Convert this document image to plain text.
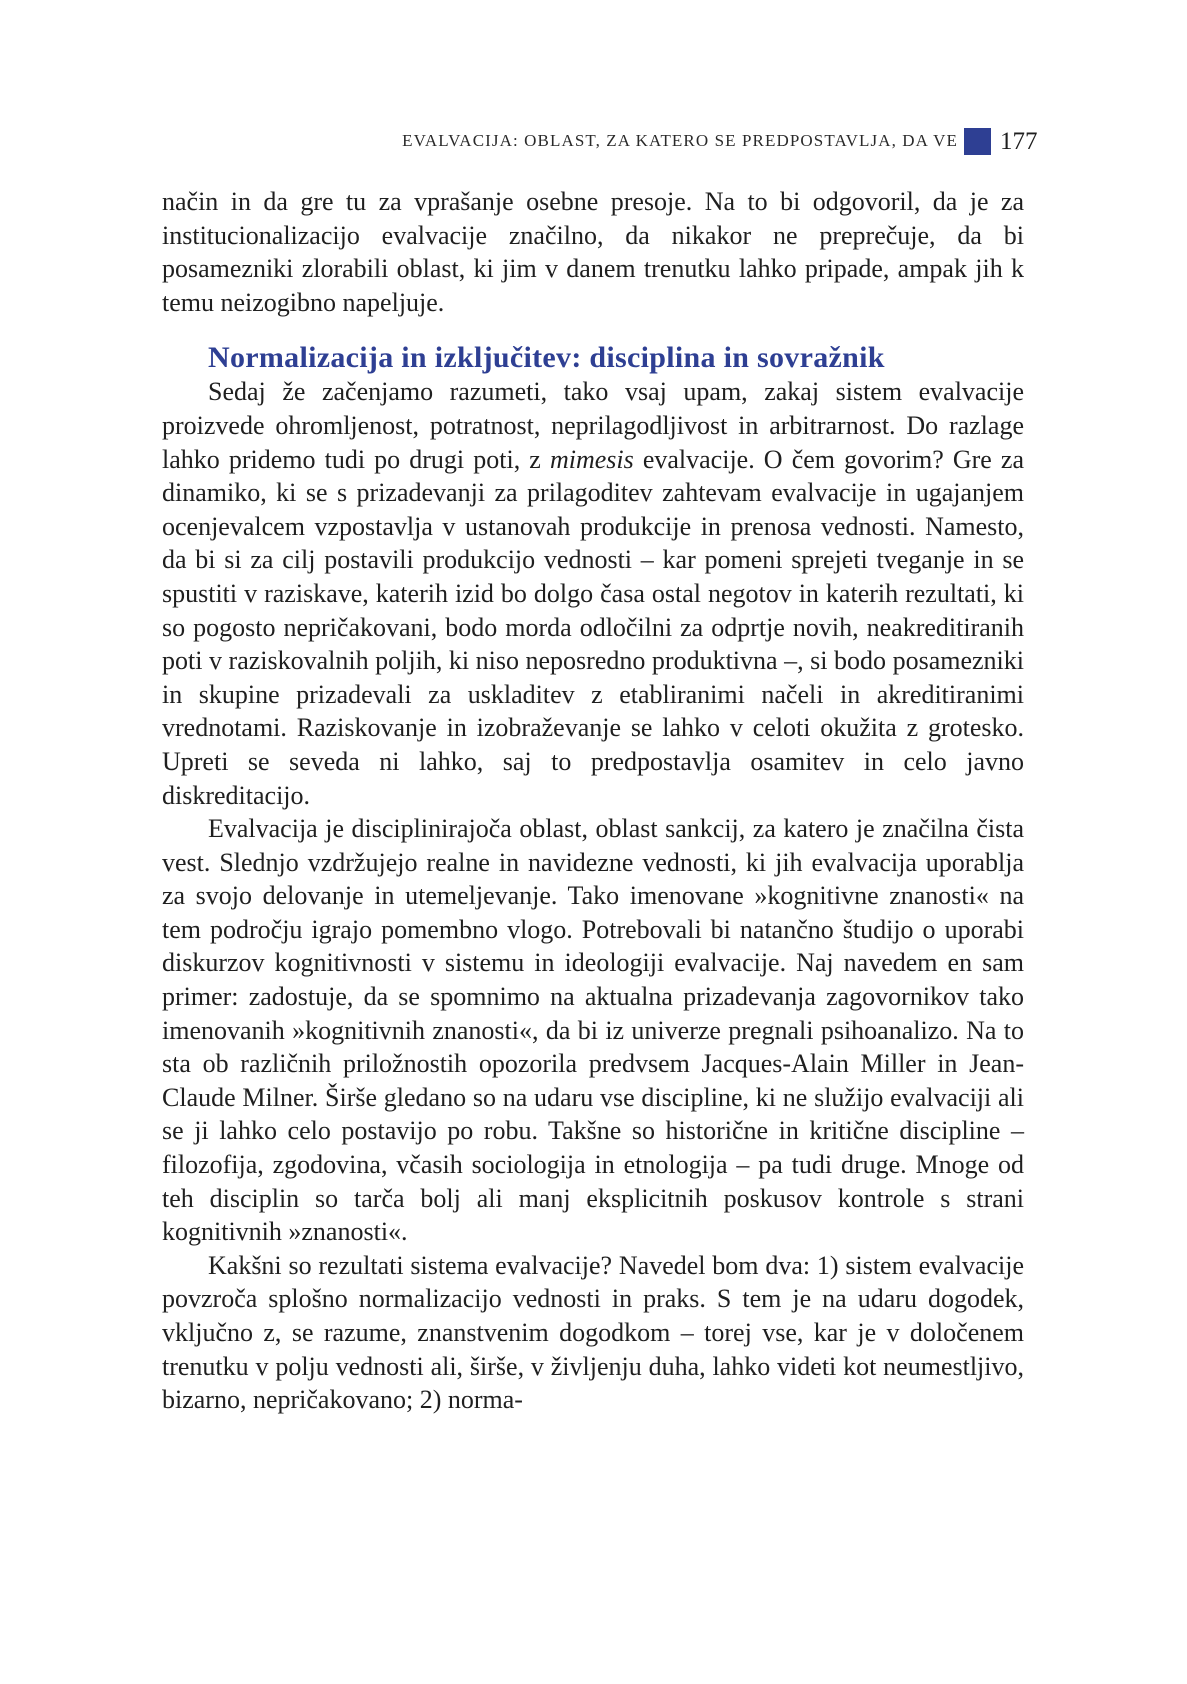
EVALVACIJA: OBLAST, ZA KATERO SE PREDPOSTAVLJA, DA VE 177

način in da gre tu za vprašanje osebne presoje. Na to bi odgovoril, da je za institucionalizacijo evalvacije značilno, da nikakor ne preprečuje, da bi posamezniki zlorabili oblast, ki jim v danem trenutku lahko pripade, ampak jih k temu neizogibno napeljuje.

Normalizacija in izključitev: disciplina in sovražnik

Sedaj že začenjamo razumeti, tako vsaj upam, zakaj sistem evalvacije proizvede ohromljenost, potratnost, neprilagodljivost in arbitrarnost. Do razlage lahko pridemo tudi po drugi poti, z mimesis evalvacije. O čem govorim? Gre za dinamiko, ki se s prizadevanji za prilagoditev zahtevam evalvacije in ugajanjem ocenjevalcem vzpostavlja v ustanovah produkcije in prenosa vednosti. Namesto, da bi si za cilj postavili produkcijo vednosti – kar pomeni sprejeti tveganje in se spustiti v raziskave, katerih izid bo dolgo časa ostal negotov in katerih rezultati, ki so pogosto nepričakovani, bodo morda odločilni za odprtje novih, neakreditiranih poti v raziskovalnih poljih, ki niso neposredno produktivna –, si bodo posamezniki in skupine prizadevali za uskladitev z etabliranimi načeli in akreditiranimi vrednotami. Raziskovanje in izobraževanje se lahko v celoti okužita z grotesko. Upreti se seveda ni lahko, saj to predpostavlja osamitev in celo javno diskreditacijo.

Evalvacija je disciplinirajoča oblast, oblast sankcij, za katero je značilna čista vest. Slednjo vzdržujejo realne in navidezne vednosti, ki jih evalvacija uporablja za svojo delovanje in utemeljevanje. Tako imenovane »kognitivne znanosti« na tem področju igrajo pomembno vlogo. Potrebovali bi natančno študijo o uporabi diskurzov kognitivnosti v sistemu in ideologiji evalvacije. Naj navedem en sam primer: zadostuje, da se spomnimo na aktualna prizadevanja zagovornikov tako imenovanih »kognitivnih znanosti«, da bi iz univerze pregnali psihoanalizo. Na to sta ob različnih priložnostih opozorila predvsem Jacques-Alain Miller in Jean-Claude Milner. Širše gledano so na udaru vse discipline, ki ne služijo evalvaciji ali se ji lahko celo postavijo po robu. Takšne so historične in kritične discipline – filozofija, zgodovina, včasih sociologija in etnologija – pa tudi druge. Mnoge od teh disciplin so tarča bolj ali manj eksplicitnih poskusov kontrole s strani kognitivnih »znanosti«.

Kakšni so rezultati sistema evalvacije? Navedel bom dva: 1) sistem evalvacije povzroča splošno normalizacijo vednosti in praks. S tem je na udaru dogodek, vključno z, se razume, znanstvenim dogodkom – torej vse, kar je v določenem trenutku v polju vednosti ali, širše, v življenju duha, lahko videti kot neumestljivo, bizarno, nepričakovano; 2) norma-
